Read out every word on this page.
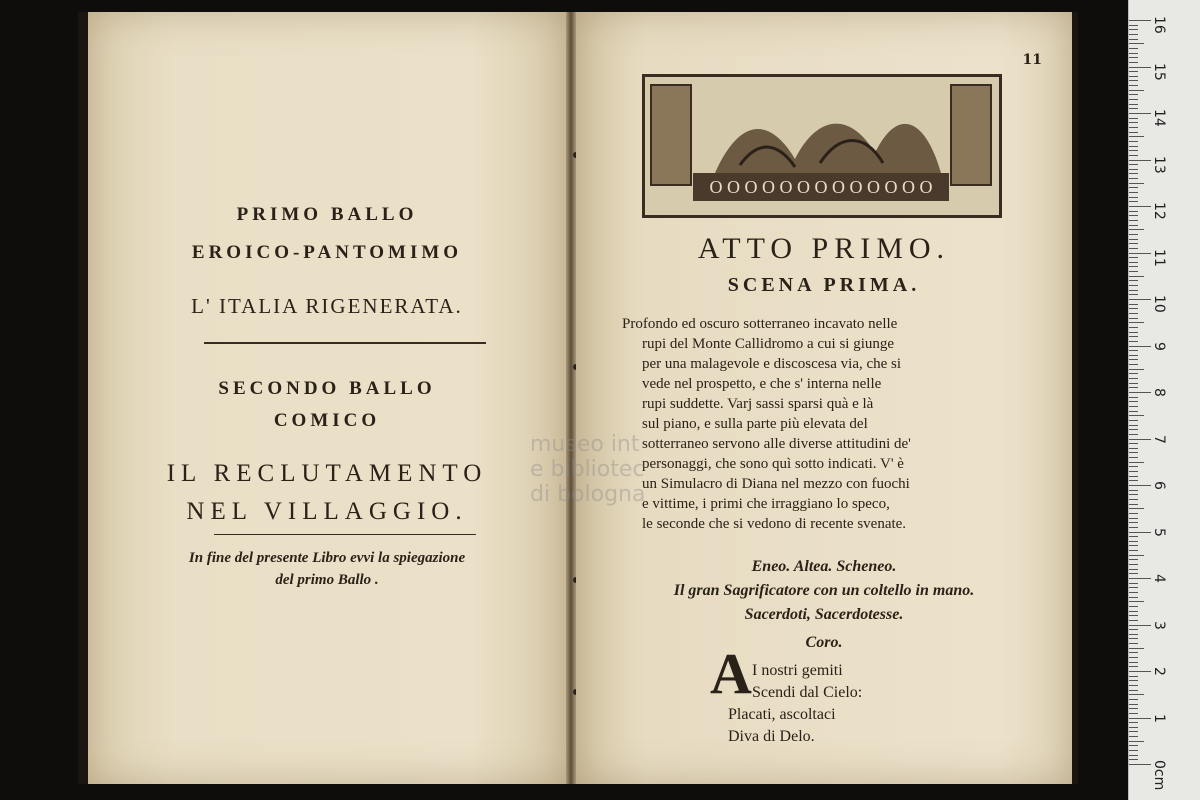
PRIMO BALLO
EROICO-PANTOMIMO
L' ITALIA RIGENERATA.
SECONDO BALLO
COMICO
IL RECLUTAMENTO
NEL VILLAGGIO.
In fine del presente Libro evvi la spiegazione
del primo Ballo .
11
O O O O O O O O O O O O O
ATTO PRIMO.
SCENA PRIMA.

Profondo ed oscuro sotterraneo incavato nelle

rupi del Monte Callidromo a cui si giunge

per una malagevole e discoscesa via, che si

vede nel prospetto, e che s' interna nelle

rupi suddette. Varj sassi sparsi quà e là

sul piano, e sulla parte più elevata del

sotterraneo servono alle diverse attitudini de'

personaggi, che sono quì sotto indicati. V' è

un Simulacro di Diana nel mezzo con fuochi

e vittime, i primi che irraggiano lo speco,

le seconde che si vedono di recente svenate.

Eneo. Altea. Scheneo.
Il gran Sagrificatore con un coltello in mano.
Sacerdoti, Sacerdotesse.
Coro.
A I nostri gemiti
Scendi dal Cielo:
Placati, ascoltaci
Diva di Delo.
museo int
e bibliotec
di bologna
16
15
14
13
12
11
10
9
8
7
6
5
4
3
2
1
0cm
